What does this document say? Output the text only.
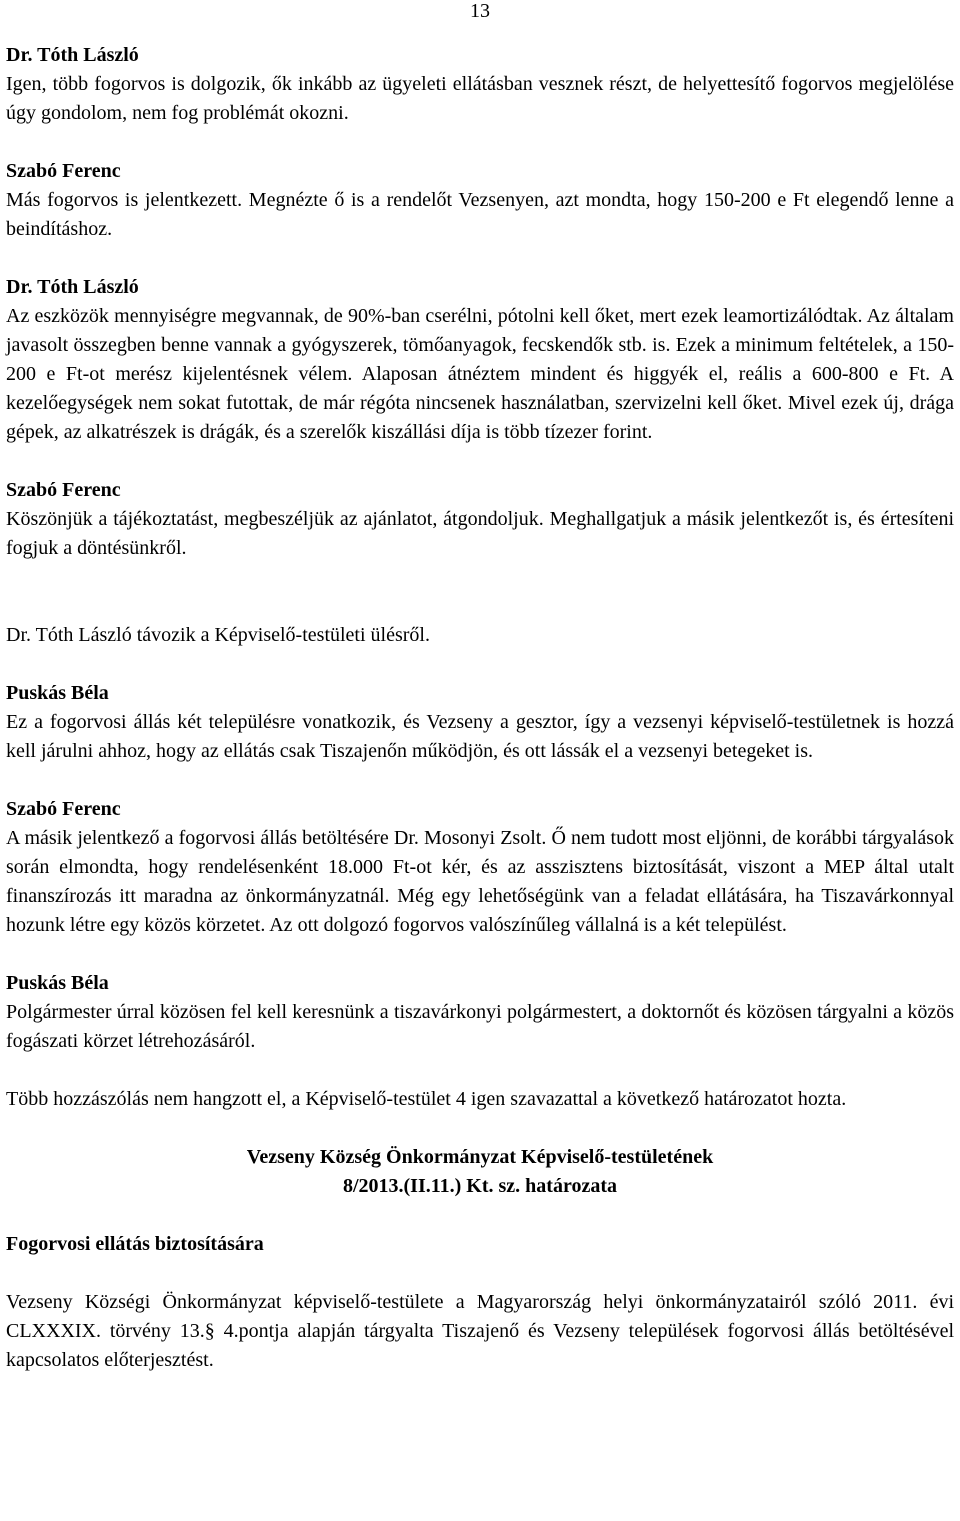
13

Dr. Tóth László

Igen, több fogorvos is dolgozik, ők inkább az ügyeleti ellátásban vesznek részt, de helyettesítő fogorvos megjelölése úgy gondolom, nem fog problémát okozni.

Szabó Ferenc

Más fogorvos is jelentkezett. Megnézte ő is a rendelőt Vezsenyen, azt mondta, hogy 150-200 e Ft elegendő lenne a beindításhoz.

Dr. Tóth László

Az eszközök mennyiségre megvannak, de 90%-ban cserélni, pótolni kell őket, mert ezek leamortizálódtak. Az általam javasolt összegben benne vannak a gyógyszerek, tömőanyagok, fecskendők stb. is. Ezek a minimum feltételek, a 150-200 e Ft-ot merész kijelentésnek vélem. Alaposan átnéztem mindent és higgyék el, reális a 600-800 e Ft. A kezelőegységek nem sokat futottak, de már régóta nincsenek használatban, szervizelni kell őket. Mivel ezek új, drága gépek, az alkatrészek is drágák, és a szerelők kiszállási díja is több tízezer forint.

Szabó Ferenc

Köszönjük a tájékoztatást, megbeszéljük az ajánlatot, átgondoljuk. Meghallgatjuk a másik jelentkezőt is, és értesíteni fogjuk a döntésünkről.

Dr. Tóth László távozik a Képviselő-testületi ülésről.

Puskás Béla

Ez a fogorvosi állás két településre vonatkozik, és Vezseny a gesztor, így a vezsenyi képviselő-testületnek is hozzá kell járulni ahhoz, hogy az ellátás csak Tiszajenőn működjön, és ott lássák el a vezsenyi betegeket is.

Szabó Ferenc

A másik jelentkező a fogorvosi állás betöltésére Dr. Mosonyi Zsolt. Ő nem tudott most eljönni, de korábbi tárgyalások során elmondta, hogy rendelésenként 18.000 Ft-ot kér, és az asszisztens biztosítását, viszont a MEP által utalt finanszírozás itt maradna az önkormányzatnál. Még egy lehetőségünk van a feladat ellátására, ha Tiszavárkonnyal hozunk létre egy közös körzetet. Az ott dolgozó fogorvos valószínűleg vállalná is a két települést.

Puskás Béla

Polgármester úrral közösen fel kell keresnünk a tiszavárkonyi polgármestert, a doktornőt és közösen tárgyalni a közös fogászati körzet létrehozásáról.

Több hozzászólás nem hangzott el, a Képviselő-testület 4 igen szavazattal a következő határozatot hozta.

Vezseny Község Önkormányzat Képviselő-testületének

8/2013.(II.11.) Kt. sz. határozata

Fogorvosi ellátás biztosítására

Vezseny Községi Önkormányzat képviselő-testülete a Magyarország helyi önkormányzatairól szóló 2011. évi CLXXXIX. törvény 13.§ 4.pontja alapján tárgyalta Tiszajenő és Vezseny települések fogorvosi állás betöltésével kapcsolatos előterjesztést.
